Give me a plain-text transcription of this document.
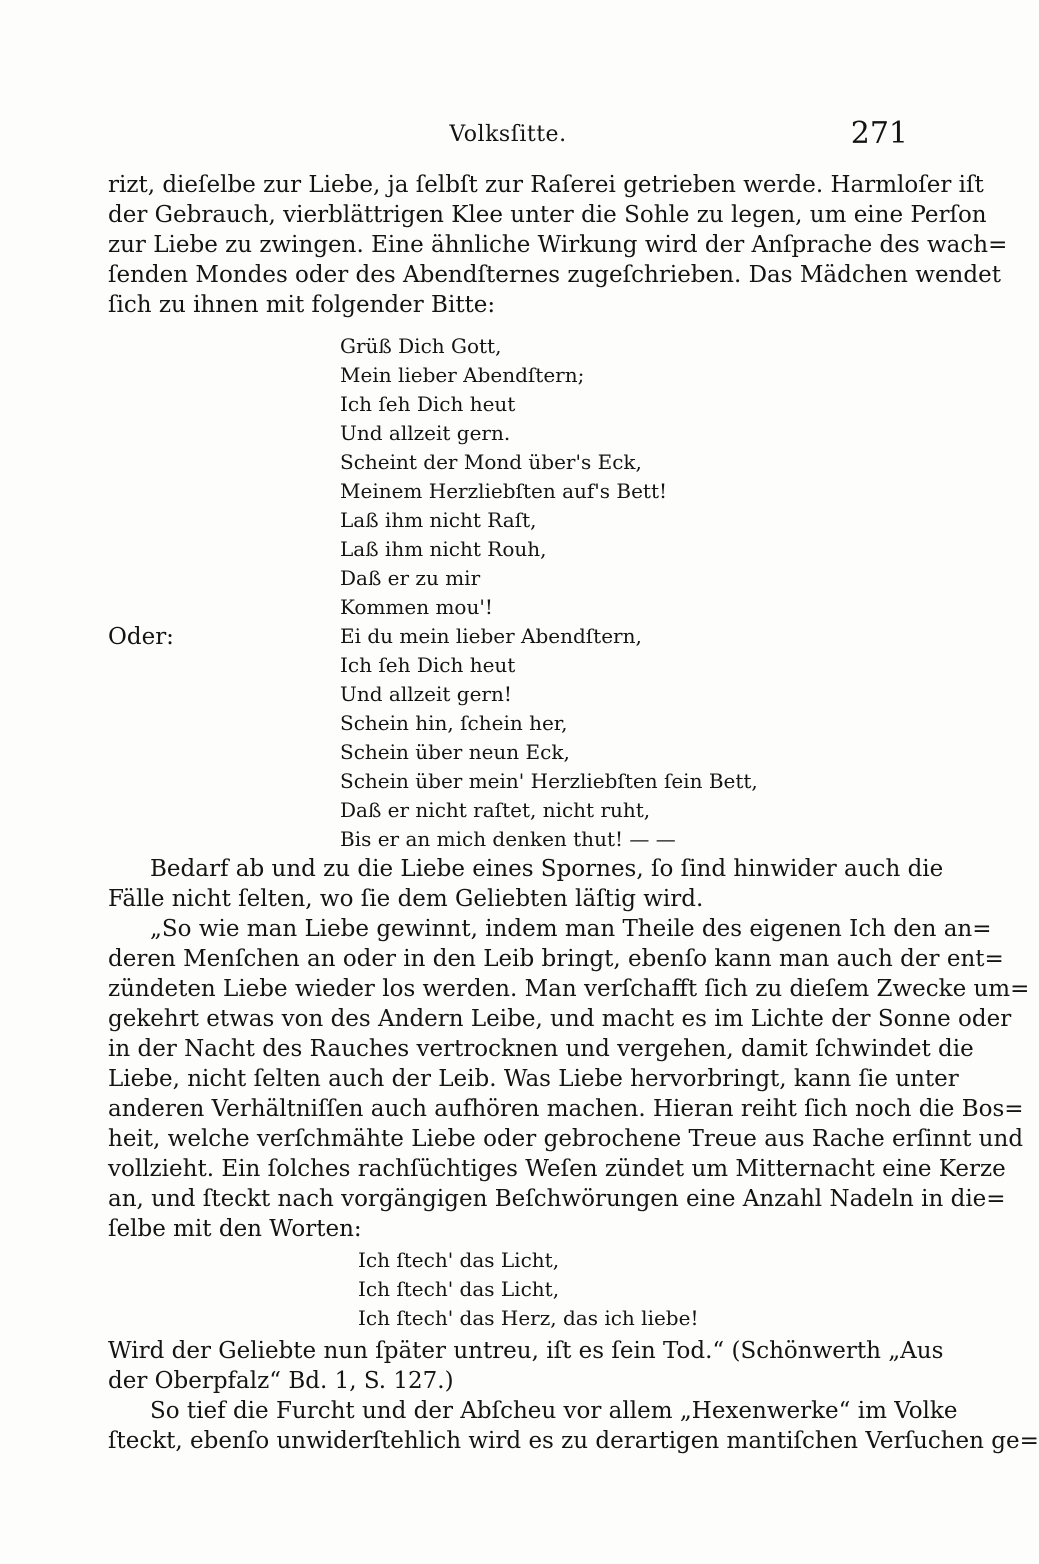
Volksſitte.	271
rizt, dieſelbe zur Liebe, ja ſelbſt zur Raſerei getrieben werde. Harmloſer iſt
der Gebrauch, vierblättrigen Klee unter die Sohle zu legen, um eine Perſon
zur Liebe zu zwingen. Eine ähnliche Wirkung wird der Anſprache des wach=
ſenden Mondes oder des Abendſternes zugeſchrieben. Das Mädchen wendet
ſich zu ihnen mit folgender Bitte:
Grüß Dich Gott,
Mein lieber Abendſtern;
Ich ſeh Dich heut
Und allzeit gern.
Scheint der Mond über's Eck,
Meinem Herzliebſten auf's Bett!
Laß ihm nicht Raſt,
Laß ihm nicht Rouh,
Daß er zu mir
Kommen mou'!
Oder:	Ei du mein lieber Abendſtern,
Ich ſeh Dich heut
Und allzeit gern!
Schein hin, ſchein her,
Schein über neun Eck,
Schein über mein' Herzliebſten ſein Bett,
Daß er nicht raſtet, nicht ruht,
Bis er an mich denken thut! — —
Bedarf ab und zu die Liebe eines Spornes, ſo ſind hinwider auch die
Fälle nicht ſelten, wo ſie dem Geliebten läſtig wird.
„So wie man Liebe gewinnt, indem man Theile des eigenen Ich den an=
deren Menſchen an oder in den Leib bringt, ebenſo kann man auch der ent=
zündeten Liebe wieder los werden. Man verſchafft ſich zu dieſem Zwecke um=
gekehrt etwas von des Andern Leibe, und macht es im Lichte der Sonne oder
in der Nacht des Rauches vertrocknen und vergehen, damit ſchwindet die
Liebe, nicht ſelten auch der Leib. Was Liebe hervorbringt, kann ſie unter
anderen Verhältniſſen auch aufhören machen. Hieran reiht ſich noch die Bos=
heit, welche verſchmähte Liebe oder gebrochene Treue aus Rache erſinnt und
vollzieht. Ein ſolches rachſüchtiges Weſen zündet um Mitternacht eine Kerze
an, und ſteckt nach vorgängigen Beſchwörungen eine Anzahl Nadeln in die=
ſelbe mit den Worten:
Ich ſtech' das Licht,
Ich ſtech' das Licht,
Ich ſtech' das Herz, das ich liebe!
Wird der Geliebte nun ſpäter untreu, iſt es ſein Tod.“ (Schönwerth „Aus
der Oberpfalz“ Bd. 1, S. 127.)
So tief die Furcht und der Abſcheu vor allem „Hexenwerke“ im Volke
ſteckt, ebenſo unwiderſtehlich wird es zu derartigen mantiſchen Verſuchen ge=
